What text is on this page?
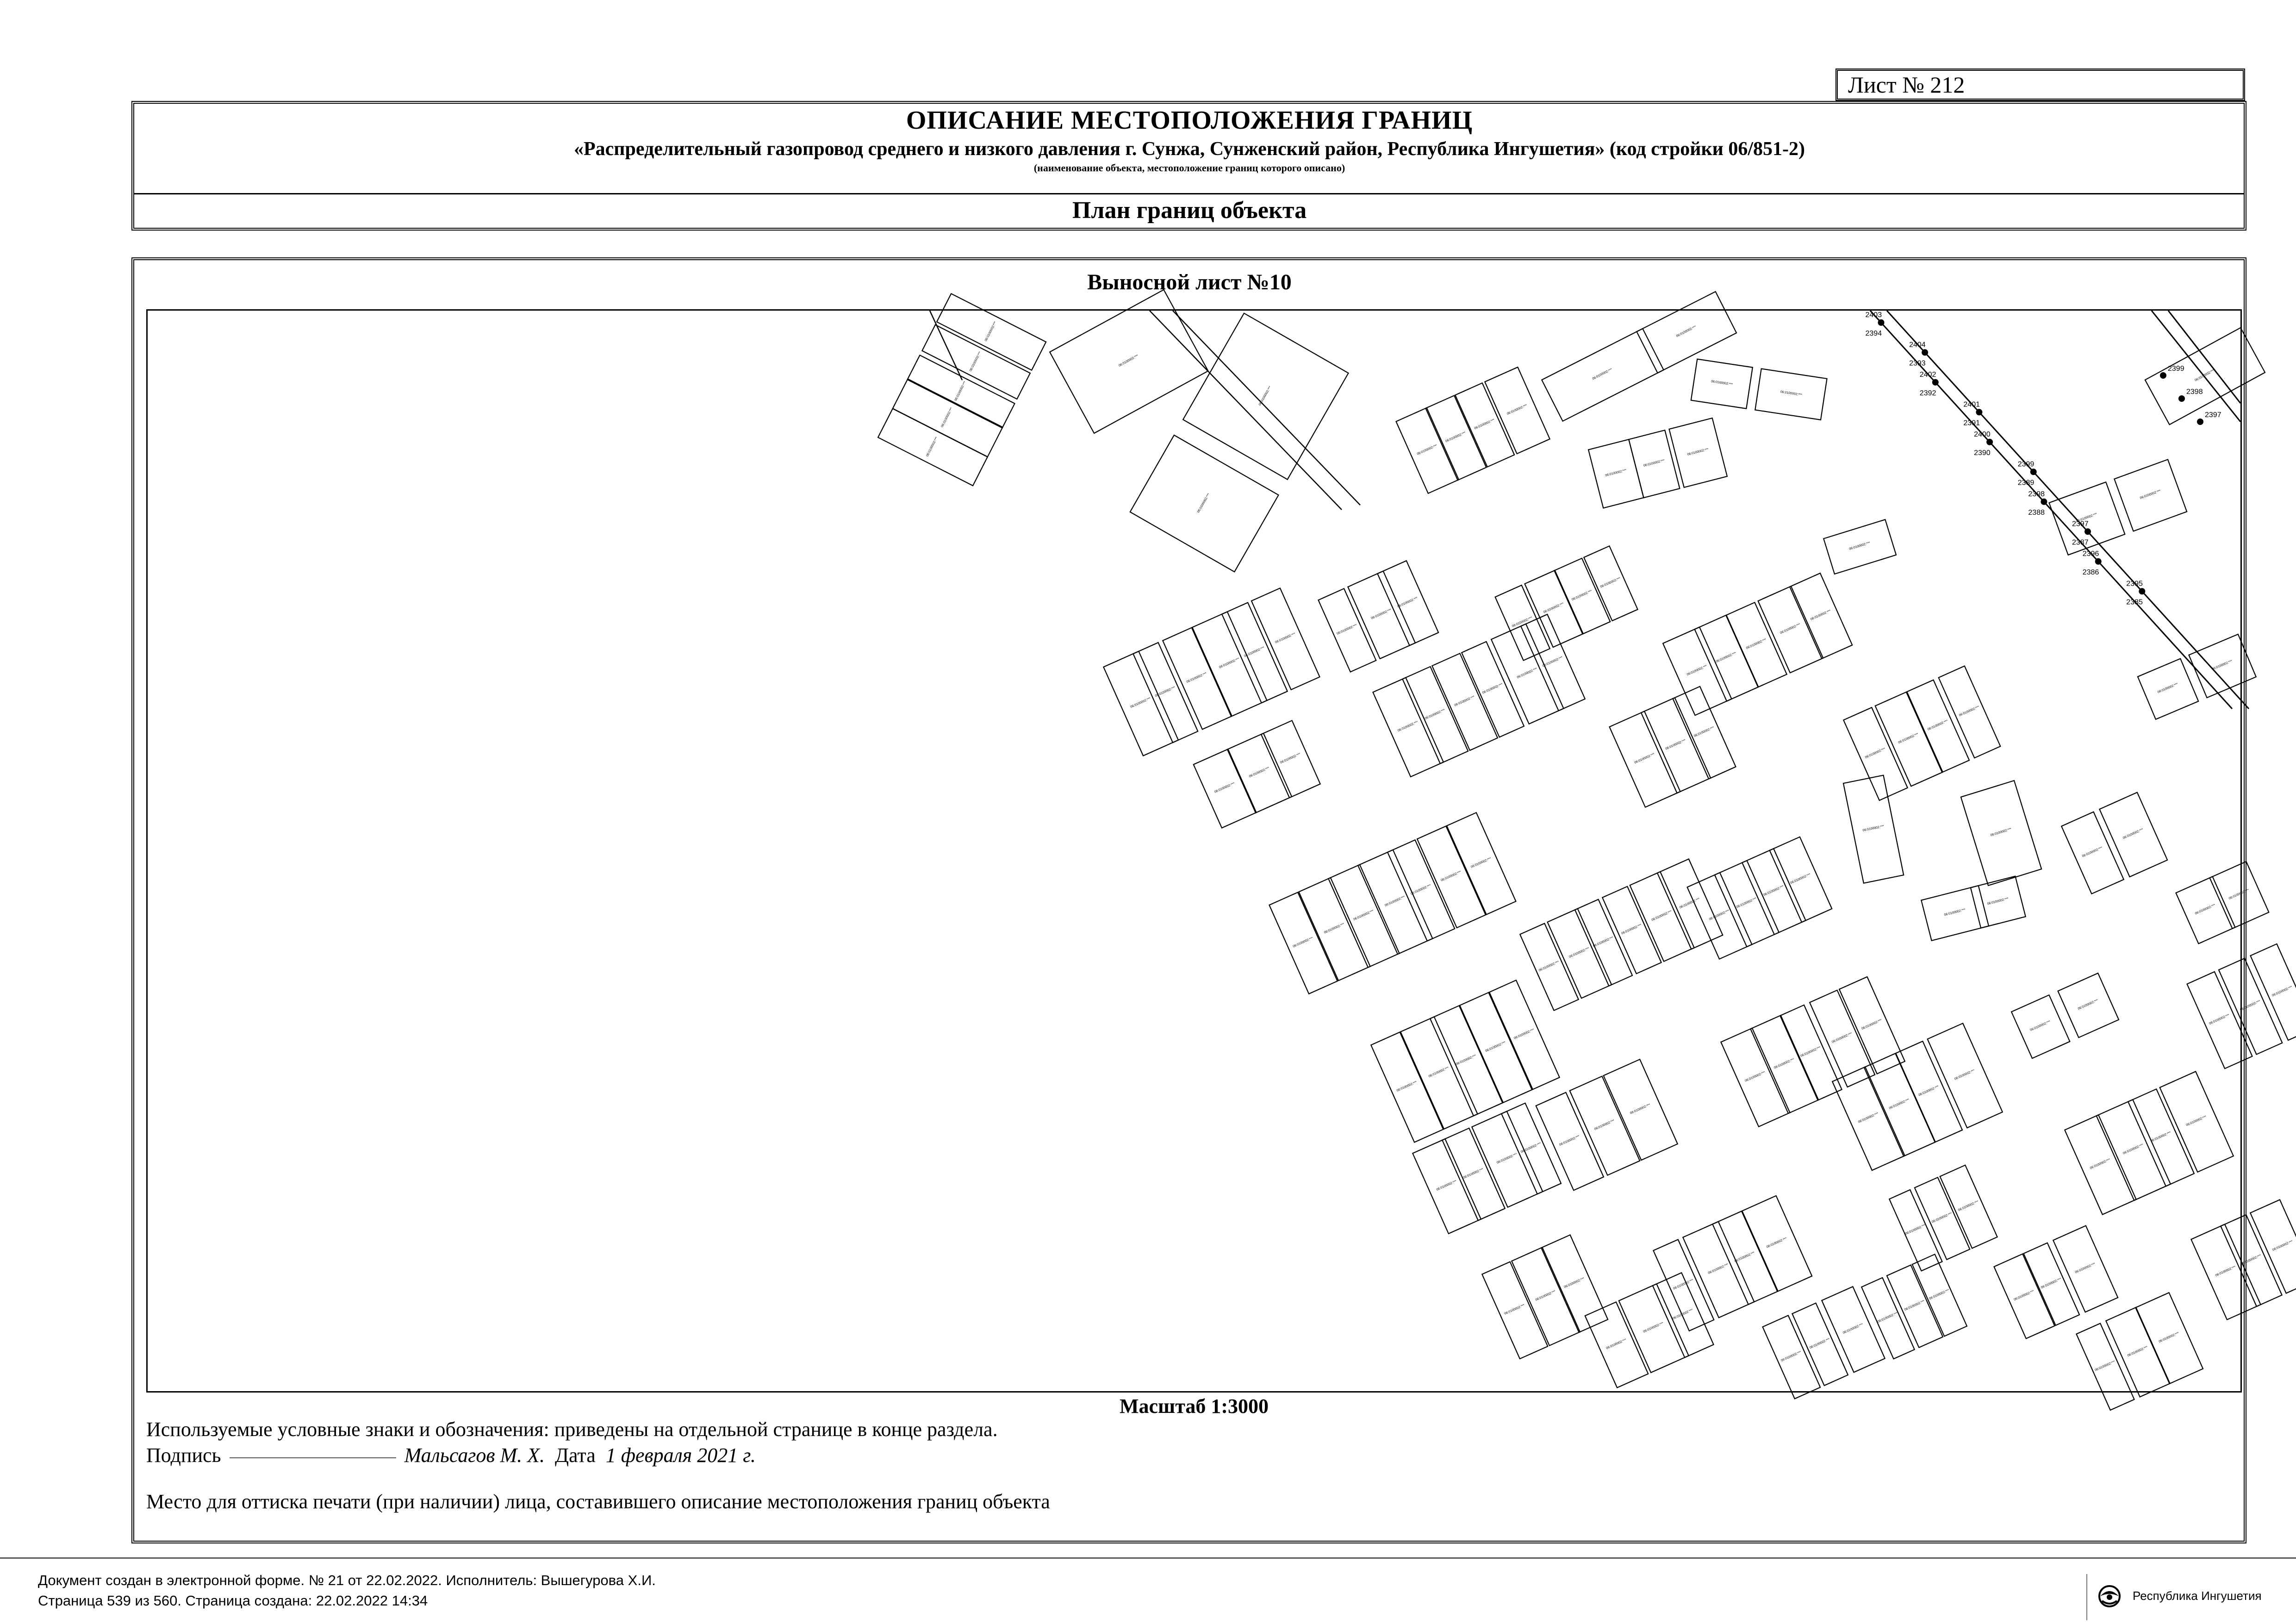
Лист № 212
ОПИСАНИЕ МЕСТОПОЛОЖЕНИЯ ГРАНИЦ
«Распределительный газопровод среднего и низкого давления г. Сунжа, Сунженский район, Республика Ингушетия» (код стройки 06/851-2)
(наименование объекта, местоположение границ которого описано)
План границ объекта
Выносной лист №10
06:0100002:***
06:0100002:***
06:0100002:***
06:0100002:***
06:0100002:***
06:0100002:***
06:0100002:***
06:0100002:***
06:0100002:***
06:0100002:***
06:0100002:***
06:0100002:***
06:0100002:***
06:0100002:***
06:0100002:***
06:0100002:***
06:0100002:***
06:0100002:***
06:0100002:***
06:0100002:***
06:0100002:***
06:0100002:***
06:0100002:***
06:0100002:***
06:0100002:***
06:0100002:***
06:0100002:***
06:0100002:***
06:0100002:***
06:0100002:***
06:0100002:***
06:0100002:***
06:0100002:***
06:0100002:***
06:0100002:***
06:0100002:***
06:0100002:***
06:0100002:***
06:0100002:***
06:0100002:***
06:0100002:***
06:0100002:***
06:0100002:***
06:0100002:***
06:0100002:***
06:0100002:***
06:0100002:***
06:0100002:***
06:0100002:***
06:0100002:***
06:0100002:***
06:0100002:***
06:0100002:***
06:0100002:***
06:0100002:***
06:0100002:***
06:0100002:***
06:0100002:***
06:0100002:***
06:0100002:***
06:0100002:***
06:0100002:***
06:0100002:***
06:0100002:***
06:0100002:***
06:0100002:***
06:0100002:***
06:0100002:***
06:0100002:***
06:0100002:***
06:0100002:***
06:0100002:***
06:0100002:***
06:0100002:***
06:0100002:***
06:0100002:***
06:0100002:***
06:0100002:***
06:0100002:***
06:0100002:***
06:0100002:***
06:0100002:***
06:0100002:***
06:0100002:***
06:0100002:***
06:0100002:***
06:0100002:***
06:0100002:***
06:0100002:***
06:0100002:***
06:0100002:***
06:0100002:***
06:0100002:***
06:0100002:***	06:0100002:***
06:0100002:***
06:0100002:***
06:0100002:***
06:0100002:***
06:0100002:***
06:0100002:***
06:0100002:***
06:0100002:***
06:0100002:***
06:0100002:***
06:0100002:***
06:0100002:***
06:0100002:***
06:0100002:***
06:0100002:***
06:0100002:***
06:0100002:***
06:0100002:***
06:0100002:***
06:0100002:***
06:0100002:***
06:0100002:***
06:0100002:***
06:0100002:***
06:0100002:***
06:0100002:***
06:0100002:***
06:0100002:***
06:0100002:***
06:0100002:***
06:0100002:***
06:0100002:***
06:0100002:***
06:0100002:***
06:0100002:***
06:0100002:***
06:0100002:***
06:0100002:***
06:0100002:***
06:0100002:***
06:0100002:***
06:0100002:***
06:0100002:***
06:0100002:***
06:0100002:***
06:0100002:***	06:0100002:***
2403
2394
2404
2393
2402
2392
2401
2391
2400
2390
2399
2389
2398
2388
2397
2387
2396
2386
2395
2385
2399
2398
2397
Масштаб 1:3000
Используемые условные знаки и обозначения: приведены на отдельной странице в конце раздела.
Подпись	Мальсагов М. Х. Дата 1 февраля 2021 г.
Место для оттиска печати (при наличии) лица, составившего описание местоположения границ объекта
Документ создан в электронной форме. № 21 от 22.02.2022. Исполнитель: Вышегурова Х.И.
Страница 539 из 560. Страница создана: 22.02.2022 14:34	Республика Ингушетия
